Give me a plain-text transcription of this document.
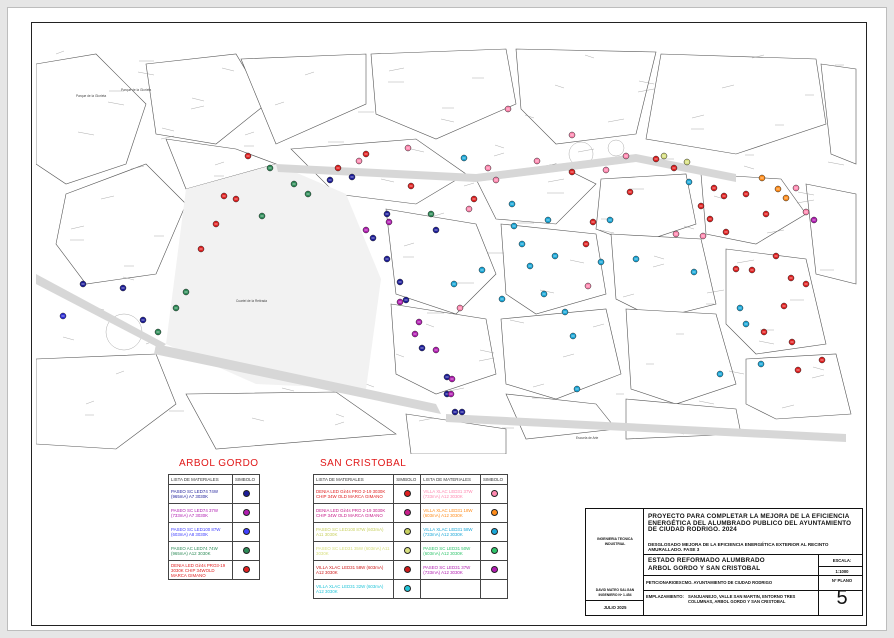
Parque de la Glorieta
Parque de la Glorieta
Cuartel de la Retirada
Escuela de Arte
ARBOL GORDO
LISTA DE MATERIALES	SIMBOLO
PASEO SC LED74 74W (965mA) A7 3030K	
PASEO SC LED74 37W (733mA) A7 3030K	
PASEO SC LED100 87W (603mA) A8 3030K	
PASEO AC LED74 74W (965mA) A12 3030K	
DENIA LED Gir4s PRO3-19 3030K CHIP 34WOLD MARCA GIMANO	
SAN CRISTOBAL
LISTA DE MATERIALES	SIMBOLO	LISTA DE MATERIALES	SIMBOLO
DENIA LED Gir4s PRO 2-19 3030K CHIP 34W OLD MARCA GIMANO		VILLA XLAC LED31 37W (733mA) A12 3030K	
DENIA LED Gir4s PRO 2-19 3030K CHIP 34W OLD MARCA GIMANO		VILLA XLAC LED31 18W (603mA) A12 3030K	
PASEO SC LED100 87W (603mA) A11 3030K		VILLA XLAC LED31 58W (733mA) A12 3030K	
PASEO SC LED31 35W (603mA) A11 3030K		PASEO SC LED31 50W (603mA) A12 3030K	
VILLA XLAC LED31 58W (603mA) A12 3030K		PASEO SC LED31 37W (733mA) A12 3030K	
VILLA XLAC LED31 32W (603mA) A12 3030K			
INGENIERIA TECNICA INDUSTRIAL
DAVID MATEO SALGAN INGENIERO Nº 1.454
JULIO 2025
PROYECTO PARA COMPLETAR LA MEJORA DE LA EFICIENCIA ENERGÉTICA DEL ALUMBRADO PUBLICO DEL AYUNTAMIENTO DE CIUDAD RODRIGO. 2024
DESGLOSADO MEJORA DE LA EFICIENCIA ENERGÉTICA EXTERIOR AL RECINTO AMURALLADO. FASE 3
ESTADO REFORMADO ALUMBRADO
ARBOL GORDO Y SAN CRISTOBAL
ESCALA:
1:1000
PETICIONARIO:
EXCMO. AYUNTAMIENTO DE CIUDAD RODRIGO
EMPLAZAMIENTO: SANJUANEJO, VALLE SAN MARTIN, ENTORNO TRES COLUMNAS, ARBOL GORDO Y SAN CRISTOBAL
Nº PLANO
5
